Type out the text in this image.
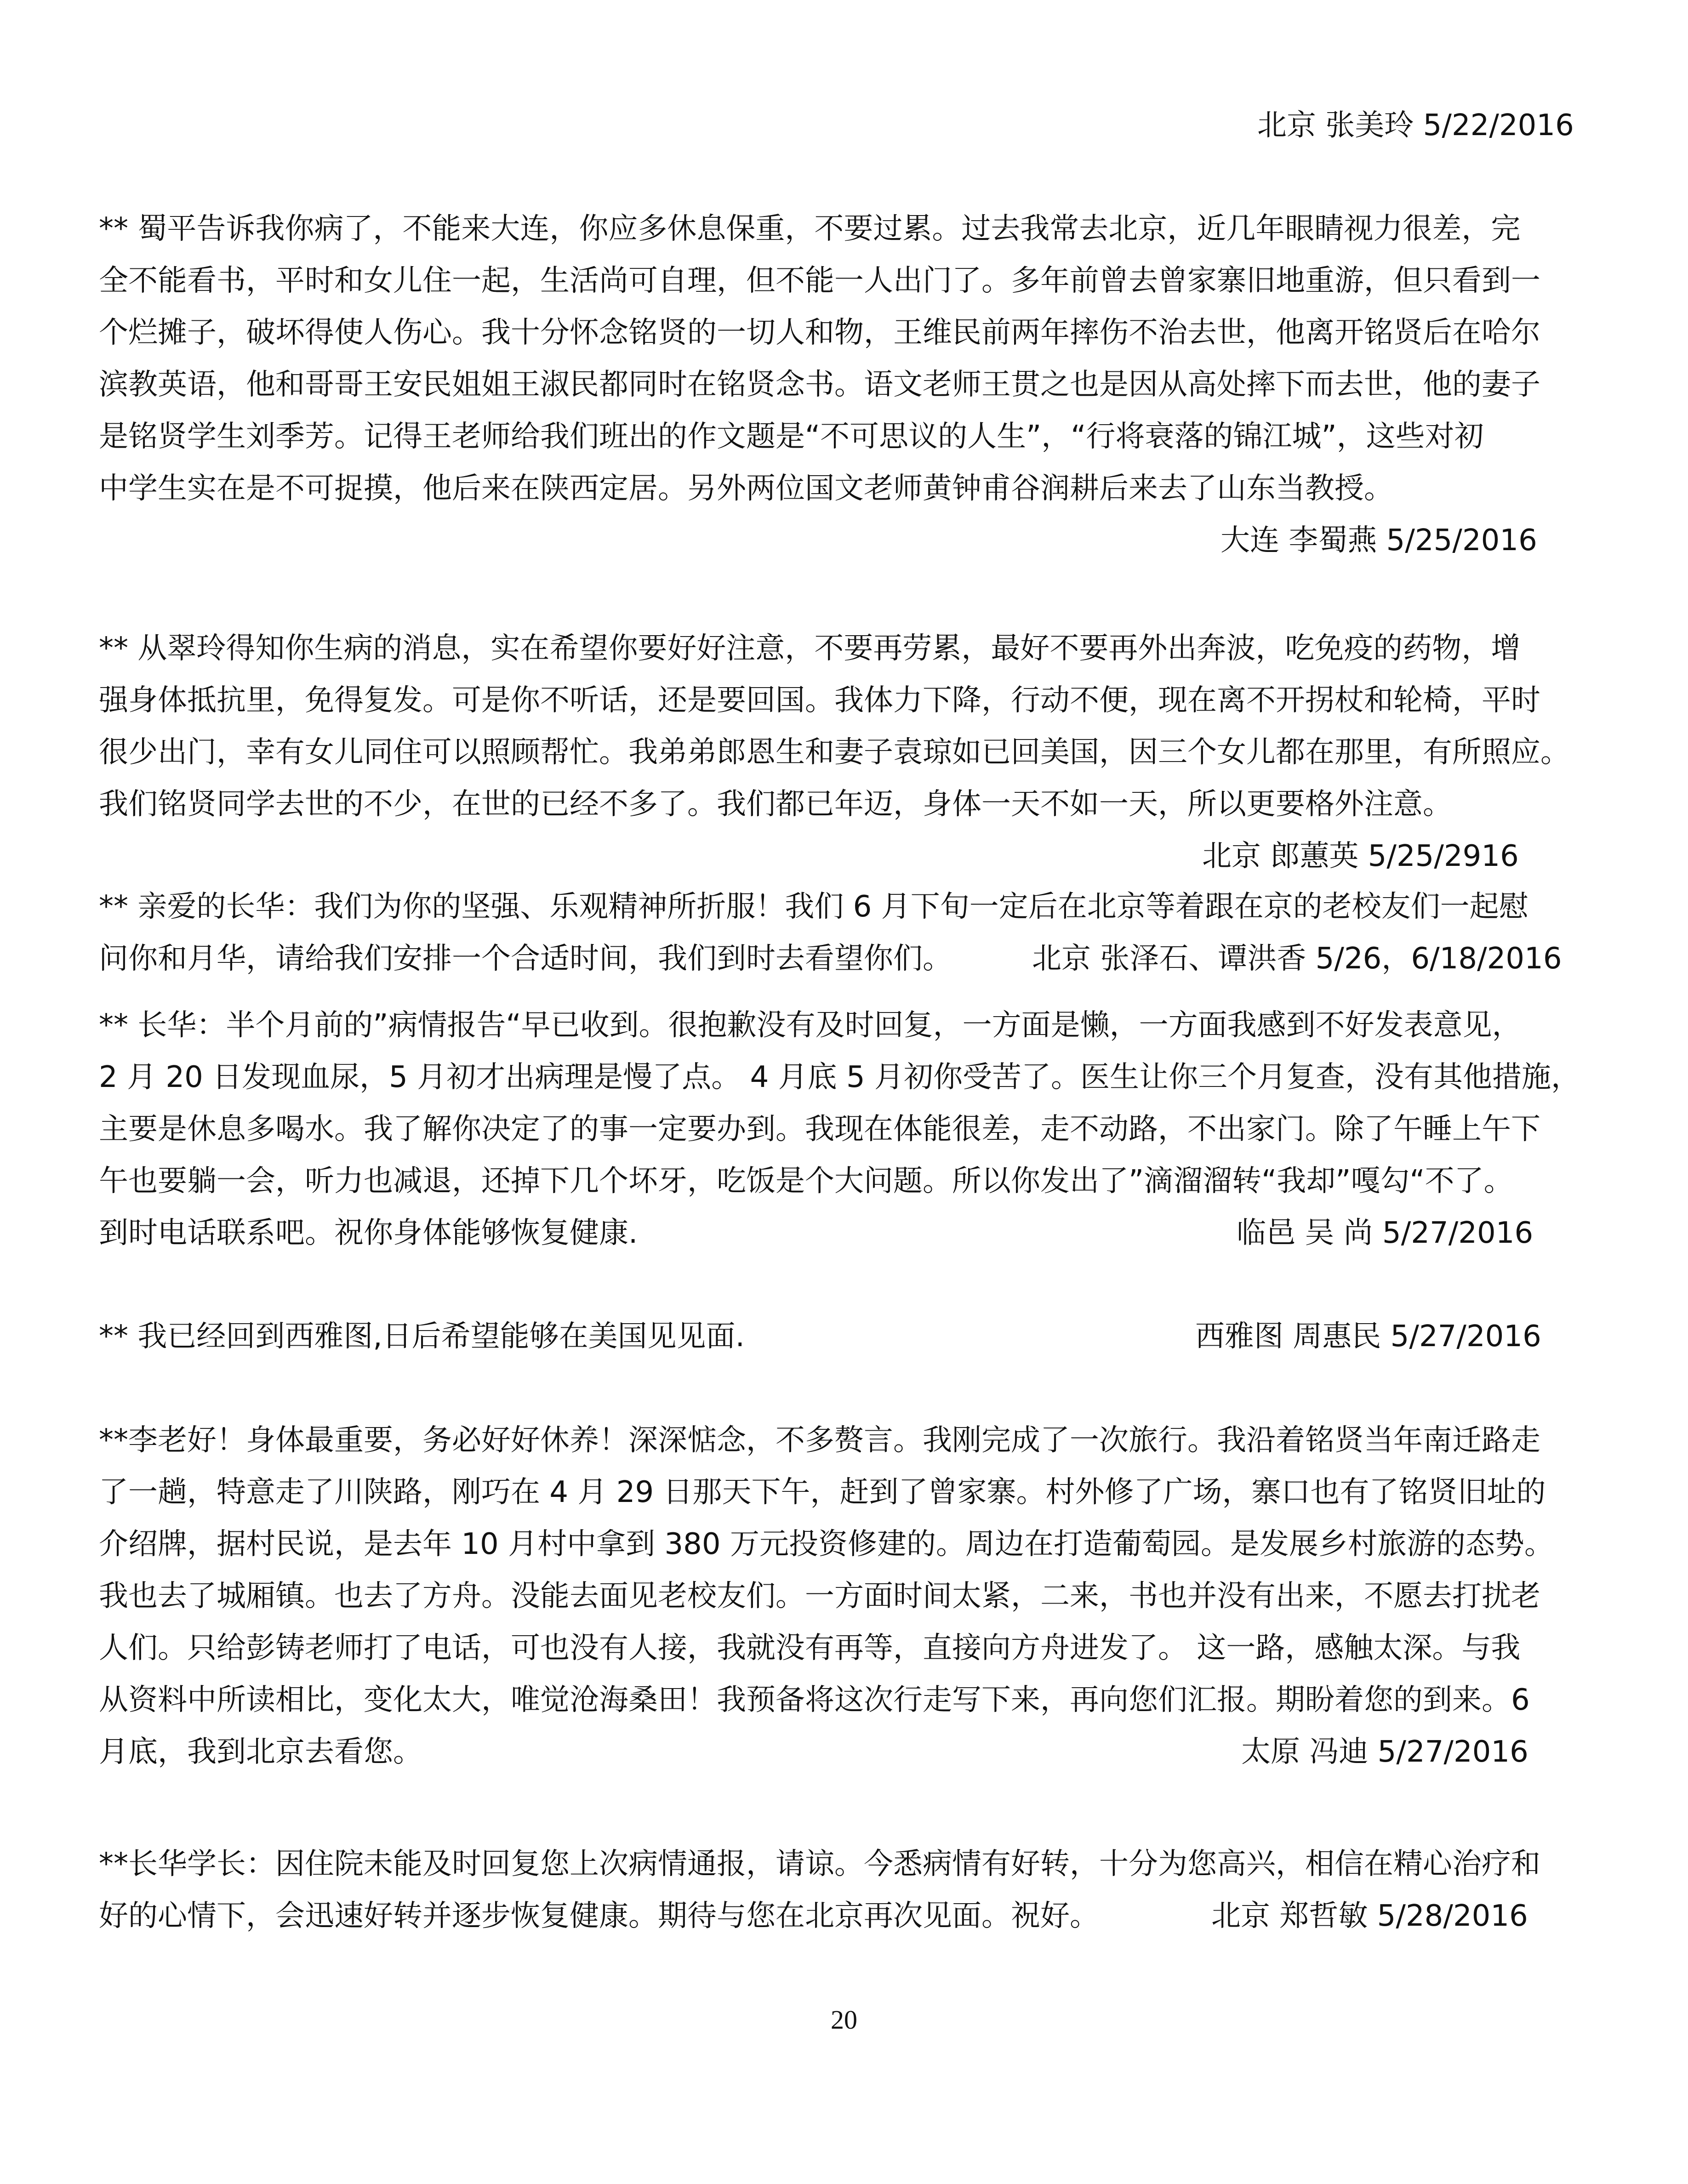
北京 张美玲 5/22/2016
** 蜀平告诉我你病了，不能来大连，你应多休息保重，不要过累。过去我常去北京，近几年眼睛视力很差，完
全不能看书，平时和女儿住一起，生活尚可自理，但不能一人出门了。多年前曾去曾家寨旧地重游，但只看到一
个烂摊子，破坏得使人伤心。我十分怀念铭贤的一切人和物，王维民前两年摔伤不治去世，他离开铭贤后在哈尔
滨教英语，他和哥哥王安民姐姐王淑民都同时在铭贤念书。语文老师王贯之也是因从高处摔下而去世，他的妻子
是铭贤学生刘季芳。记得王老师给我们班出的作文题是“不可思议的人生”，“行将衰落的锦江城”，这些对初
中学生实在是不可捉摸，他后来在陕西定居。另外两位国文老师黄钟甫谷润耕后来去了山东当教授。
大连 李蜀燕 5/25/2016
** 从翠玲得知你生病的消息，实在希望你要好好注意，不要再劳累，最好不要再外出奔波，吃免疫的药物，增
强身体抵抗里，免得复发。可是你不听话，还是要回国。我体力下降，行动不便，现在离不开拐杖和轮椅，平时
很少出门，幸有女儿同住可以照顾帮忙。我弟弟郎恩生和妻子袁琼如已回美国，因三个女儿都在那里，有所照应。
我们铭贤同学去世的不少，在世的已经不多了。我们都已年迈，身体一天不如一天，所以更要格外注意。
北京 郎蕙英 5/25/2916
** 亲爱的长华：我们为你的坚强、乐观精神所折服！我们 6 月下旬一定后在北京等着跟在京的老校友们一起慰
问你和月华，请给我们安排一个合适时间，我们到时去看望你们。	北京 张泽石、谭洪香 5/26，6/18/2016
** 长华：半个月前的”病情报告“早已收到。很抱歉没有及时回复，一方面是懒，一方面我感到不好发表意见，
2 月 20 日发现血尿，5 月初才出病理是慢了点。 4 月底 5 月初你受苦了。医生让你三个月复查，没有其他措施，
主要是休息多喝水。我了解你决定了的事一定要办到。我现在体能很差，走不动路，不出家门。除了午睡上午下
午也要躺一会，听力也减退，还掉下几个坏牙，吃饭是个大问题。所以你发出了”滴溜溜转“我却”嘎勾“不了。
到时电话联系吧。祝你身体能够恢复健康.	临邑 吴 尚 5/27/2016
** 我已经回到西雅图,日后希望能够在美国见见面.	西雅图 周惠民 5/27/2016
**李老好！身体最重要，务必好好休养！深深惦念，不多赘言。我刚完成了一次旅行。我沿着铭贤当年南迁路走
了一趟，特意走了川陕路，刚巧在 4 月 29 日那天下午，赶到了曾家寨。村外修了广场，寨口也有了铭贤旧址的
介绍牌，据村民说，是去年 10 月村中拿到 380 万元投资修建的。周边在打造葡萄园。是发展乡村旅游的态势。
我也去了城厢镇。也去了方舟。没能去面见老校友们。一方面时间太紧，二来，书也并没有出来，不愿去打扰老
人们。只给彭铸老师打了电话，可也没有人接，我就没有再等，直接向方舟进发了。 这一路，感触太深。与我
从资料中所读相比，变化太大，唯觉沧海桑田！我预备将这次行走写下来，再向您们汇报。期盼着您的到来。6
月底，我到北京去看您。	太原 冯迪 5/27/2016
**长华学长：因住院未能及时回复您上次病情通报，请谅。今悉病情有好转，十分为您高兴，相信在精心治疗和
好的心情下，会迅速好转并逐步恢复健康。期待与您在北京再次见面。祝好。	北京 郑哲敏 5/28/2016
20
